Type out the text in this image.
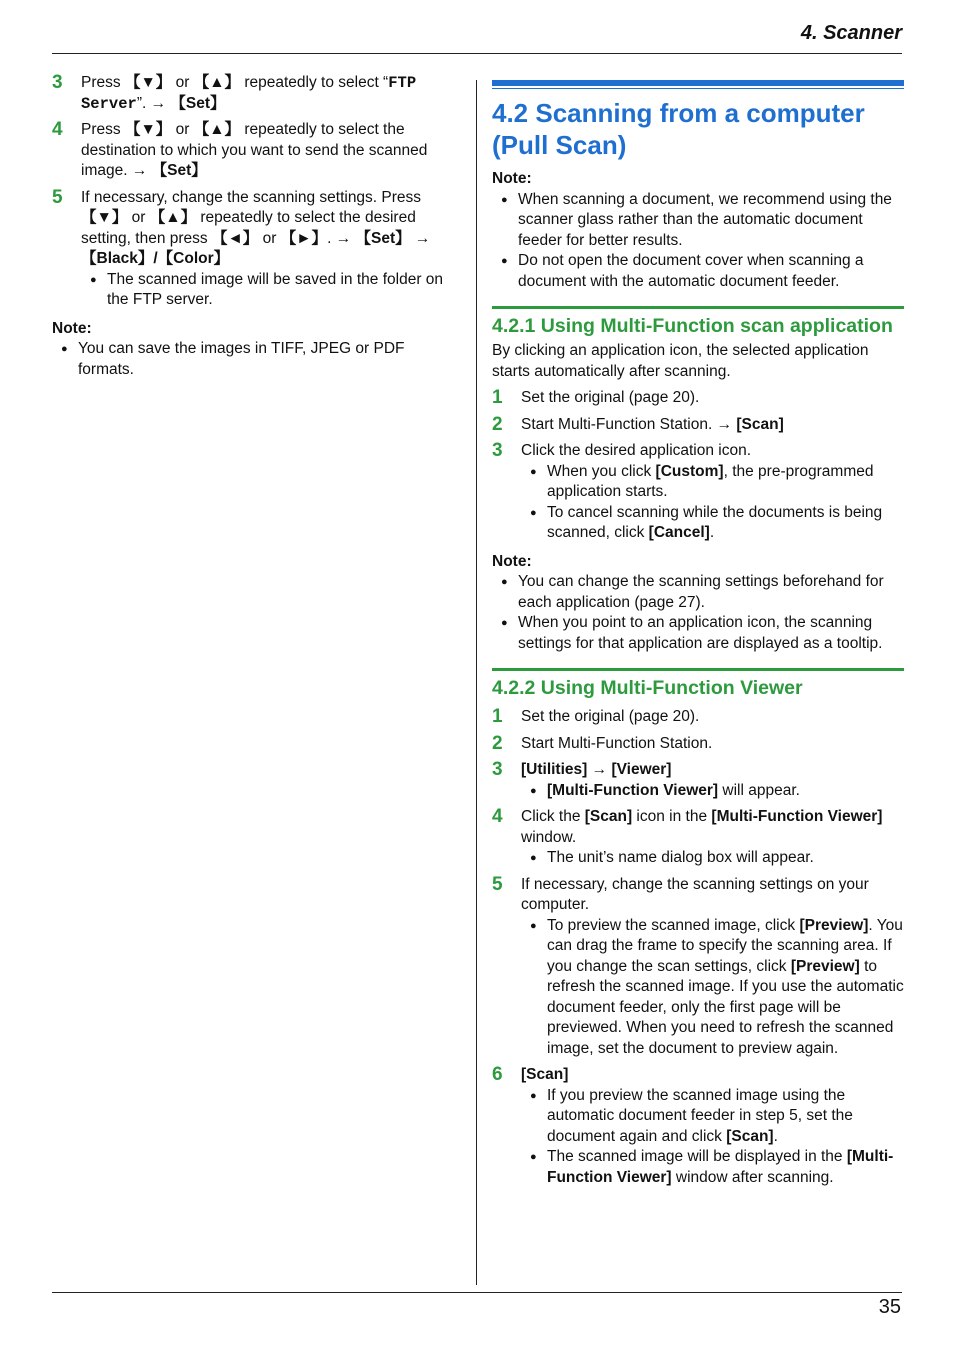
4. Scanner
35
3 Press 【▼】 or 【▲】 repeatedly to select “FTP Server”. → 【Set】
4 Press 【▼】 or 【▲】 repeatedly to select the destination to which you want to send the scanned image. → 【Set】
5 If necessary, change the scanning settings. Press 【▼】 or 【▲】 repeatedly to select the desired setting, then press 【◄】 or 【►】. → 【Set】 → 【Black】/【Color】
● The scanned image will be saved in the folder on the FTP server.
Note:
● You can save the images in TIFF, JPEG or PDF formats.
4.2 Scanning from a computer (Pull Scan)
Note:
● When scanning a document, we recommend using the scanner glass rather than the automatic document feeder for better results.
● Do not open the document cover when scanning a document with the automatic document feeder.
4.2.1 Using Multi-Function scan application
By clicking an application icon, the selected application starts automatically after scanning.
1 Set the original (page 20).
2 Start Multi-Function Station. → [Scan]
3 Click the desired application icon.
● When you click [Custom], the pre-programmed application starts.
● To cancel scanning while the documents is being scanned, click [Cancel].
Note:
● You can change the scanning settings beforehand for each application (page 27).
● When you point to an application icon, the scanning settings for that application are displayed as a tooltip.
4.2.2 Using Multi-Function Viewer
1 Set the original (page 20).
2 Start Multi-Function Station.
3 [Utilities] → [Viewer]
● [Multi-Function Viewer] will appear.
4 Click the [Scan] icon in the [Multi-Function Viewer] window.
● The unit’s name dialog box will appear.
5 If necessary, change the scanning settings on your computer.
● To preview the scanned image, click [Preview]. You can drag the frame to specify the scanning area. If you change the scan settings, click [Preview] to refresh the scanned image. If you use the automatic document feeder, only the first page will be previewed. When you need to refresh the scanned image, set the document to preview again.
6 [Scan]
● If you preview the scanned image using the automatic document feeder in step 5, set the document again and click [Scan].
● The scanned image will be displayed in the [Multi-Function Viewer] window after scanning.
